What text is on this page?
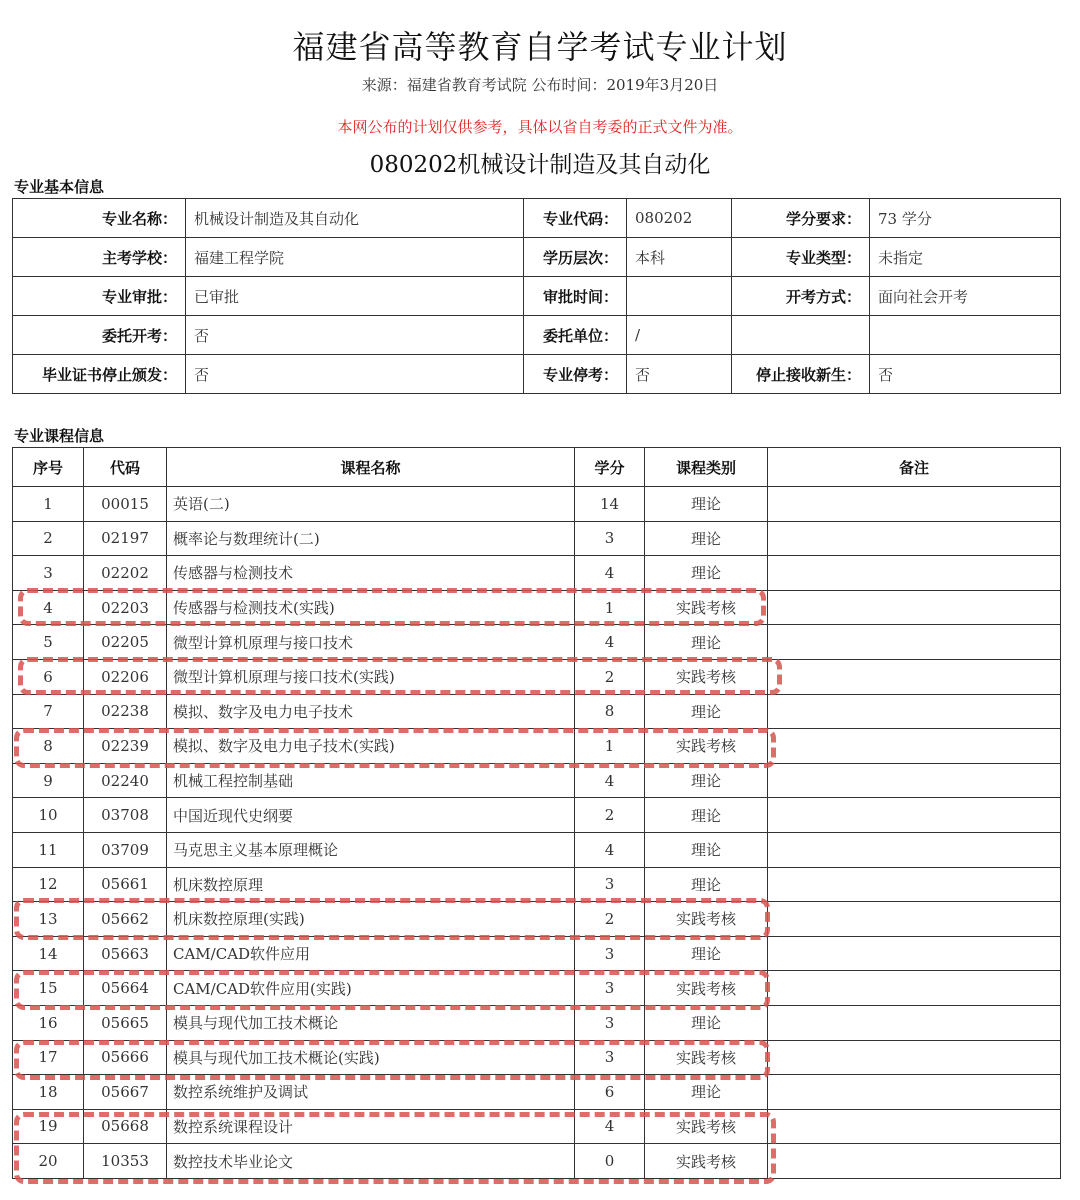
福建省高等教育自学考试专业计划
来源：福建省教育考试院 公布时间：2019年3月20日
本网公布的计划仅供参考，具体以省自考委的正式文件为准。
080202机械设计制造及其自动化
专业基本信息
专业名称：	机械设计制造及其自动化	专业代码：	080202	学分要求：	73 学分
主考学校：	福建工程学院	学历层次：	本科	专业类型：	未指定
专业审批：	已审批	审批时间：		开考方式：	面向社会开考
委托开考：	否	委托单位：	/		
毕业证书停止颁发：	否	专业停考：	否	停止接收新生：	否
专业课程信息
序号	代码	课程名称	学分	课程类别	备注
1	00015	英语(二)	14	理论	
2	02197	概率论与数理统计(二)	3	理论	
3	02202	传感器与检测技术	4	理论	
4	02203	传感器与检测技术(实践)	1	实践考核	
5	02205	微型计算机原理与接口技术	4	理论	
6	02206	微型计算机原理与接口技术(实践)	2	实践考核	
7	02238	模拟、数字及电力电子技术	8	理论	
8	02239	模拟、数字及电力电子技术(实践)	1	实践考核	
9	02240	机械工程控制基础	4	理论	
10	03708	中国近现代史纲要	2	理论	
11	03709	马克思主义基本原理概论	4	理论	
12	05661	机床数控原理	3	理论	
13	05662	机床数控原理(实践)	2	实践考核	
14	05663	CAM/CAD软件应用	3	理论	
15	05664	CAM/CAD软件应用(实践)	3	实践考核	
16	05665	模具与现代加工技术概论	3	理论	
17	05666	模具与现代加工技术概论(实践)	3	实践考核	
18	05667	数控系统维护及调试	6	理论	
19	05668	数控系统课程设计	4	实践考核	
20	10353	数控技术毕业论文	0	实践考核	
